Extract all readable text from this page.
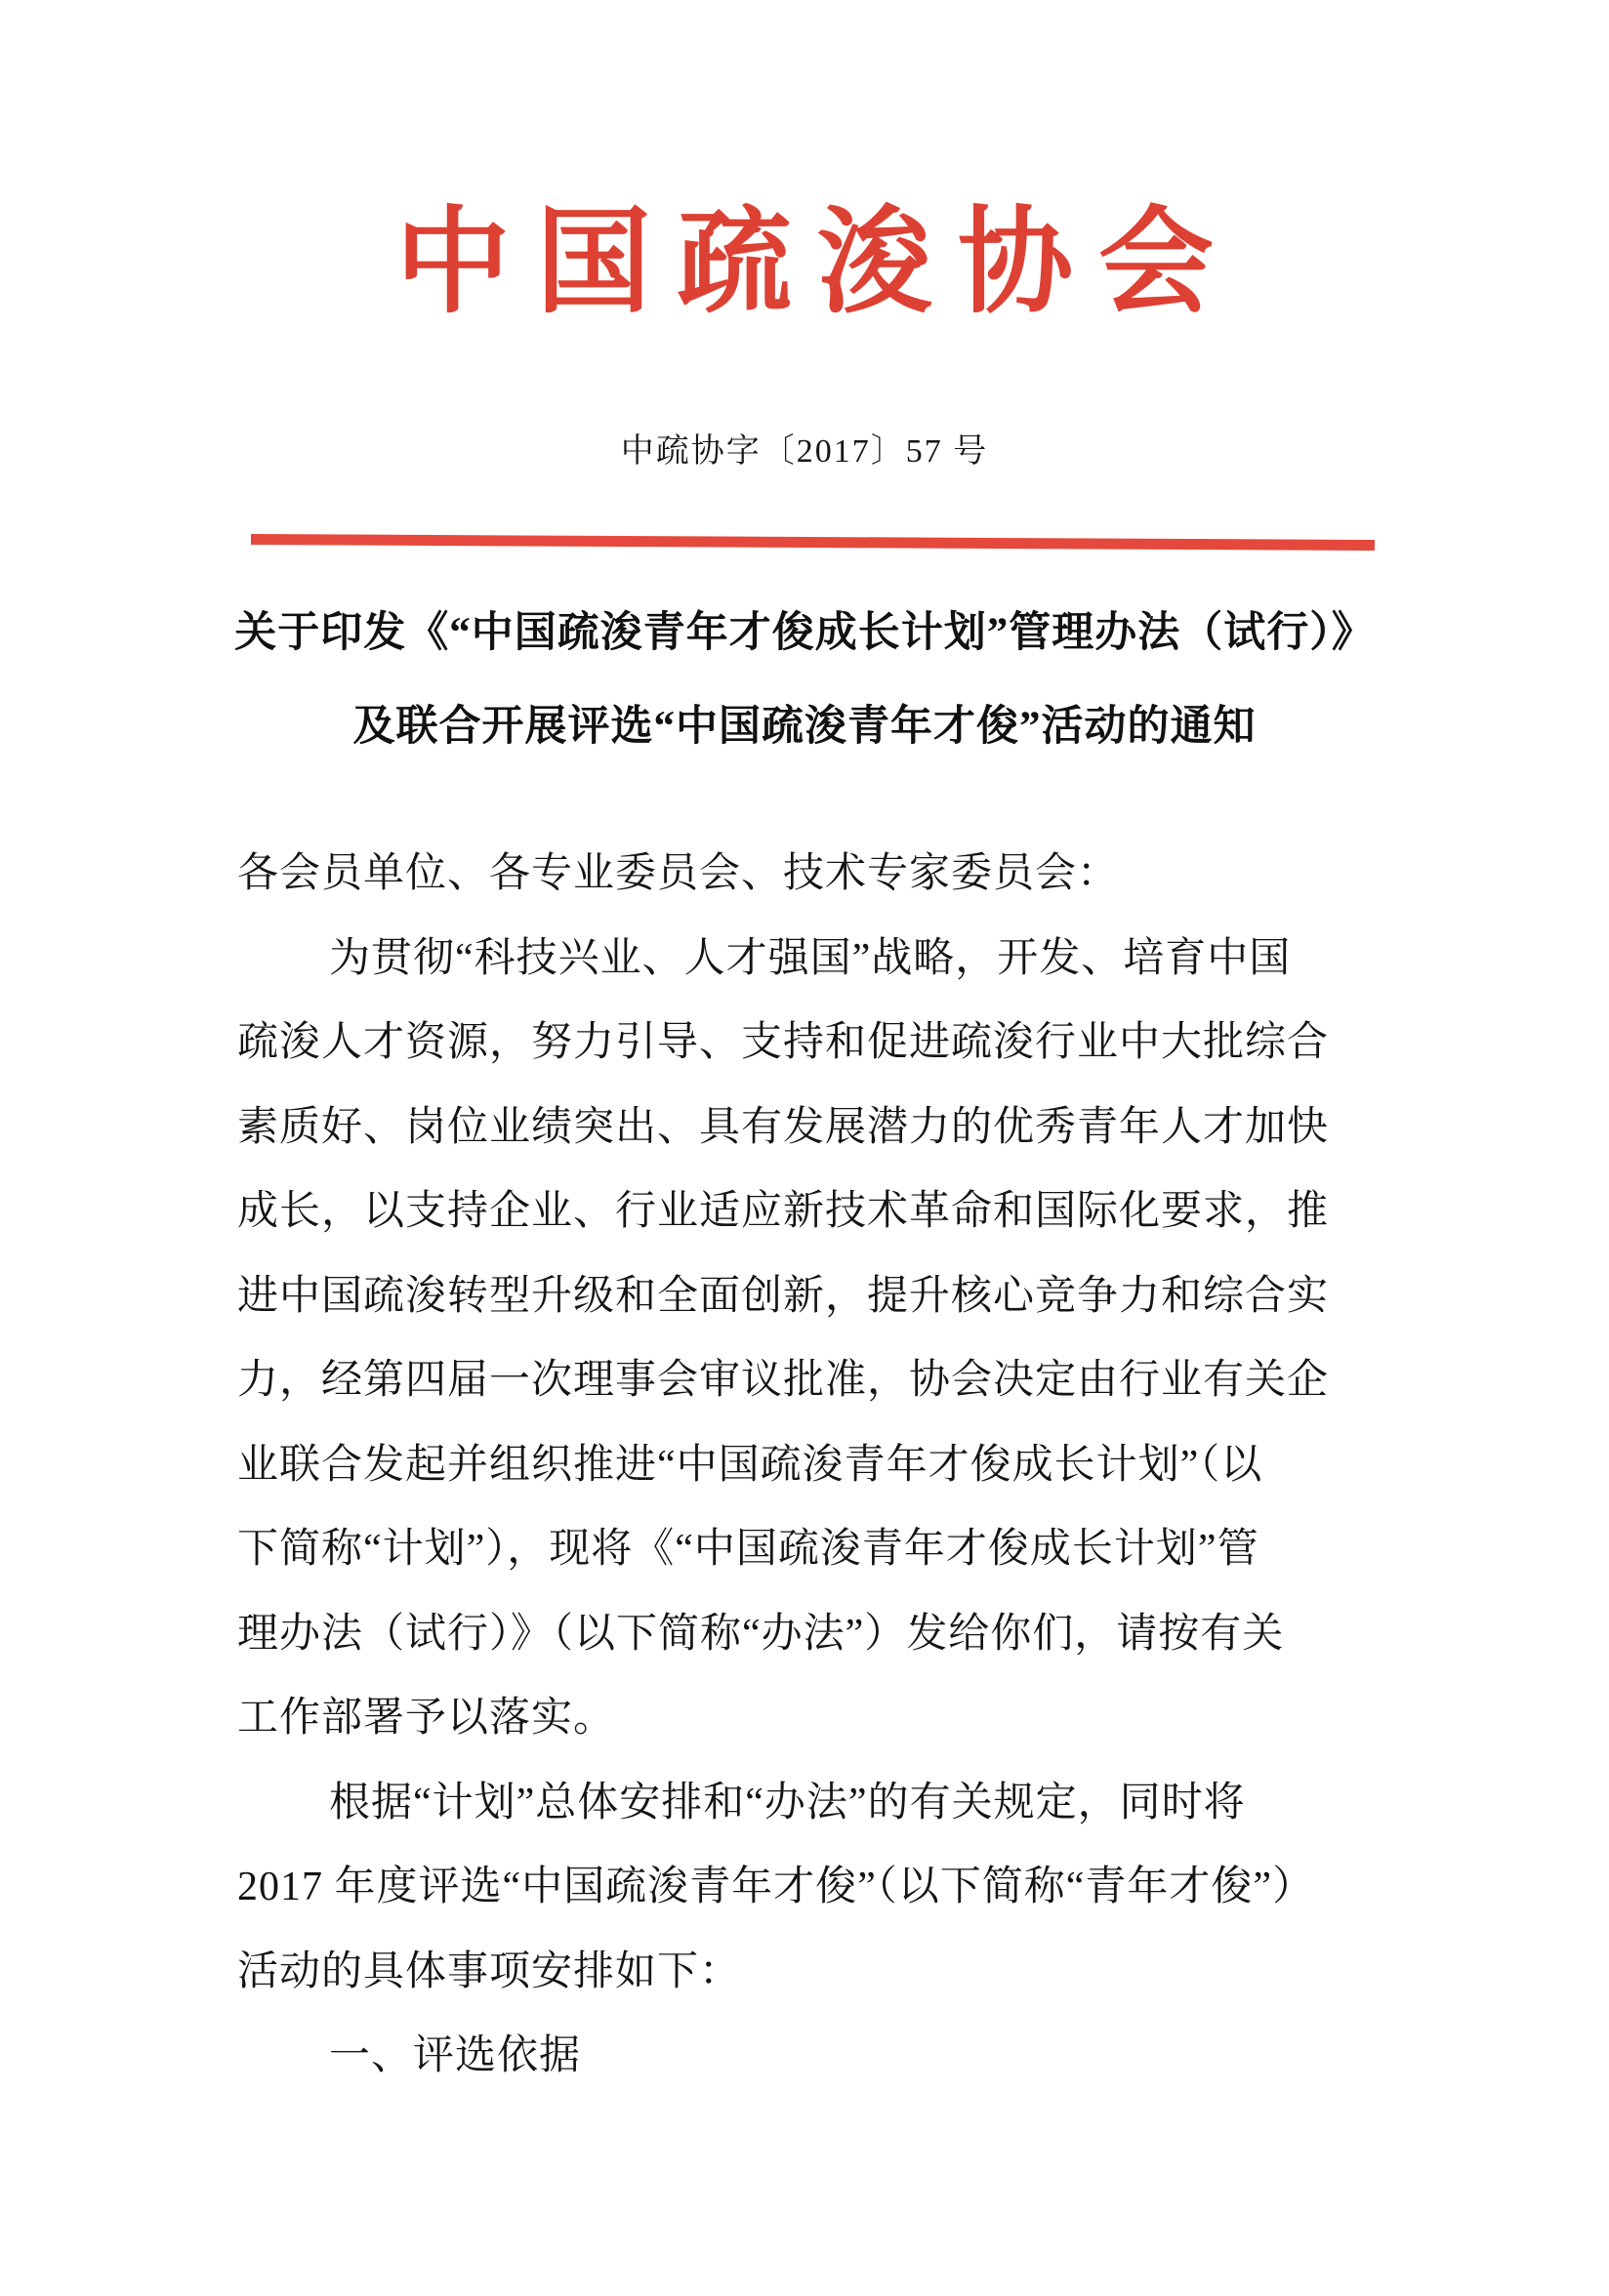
中国疏浚协会
中疏协字〔2017〕57 号
关于印发《“中国疏浚青年才俊成长计划”管理办法（试行）》
及联合开展评选“中国疏浚青年才俊”活动的通知
各会员单位、各专业委员会、技术专家委员会：
为贯彻“科技兴业、人才强国”战略，开发、培育中国
疏浚人才资源，努力引导、支持和促进疏浚行业中大批综合
素质好、岗位业绩突出、具有发展潜力的优秀青年人才加快
成长，以支持企业、行业适应新技术革命和国际化要求，推
进中国疏浚转型升级和全面创新，提升核心竞争力和综合实
力，经第四届一次理事会审议批准，协会决定由行业有关企
业联合发起并组织推进“中国疏浚青年才俊成长计划”（以
下简称“计划”），现将《“中国疏浚青年才俊成长计划”管
理办法（试行）》（以下简称“办法”）发给你们，请按有关
工作部署予以落实。
根据“计划”总体安排和“办法”的有关规定，同时将
2017 年度评选“中国疏浚青年才俊”（以下简称“青年才俊”）
活动的具体事项安排如下：
一、评选依据
